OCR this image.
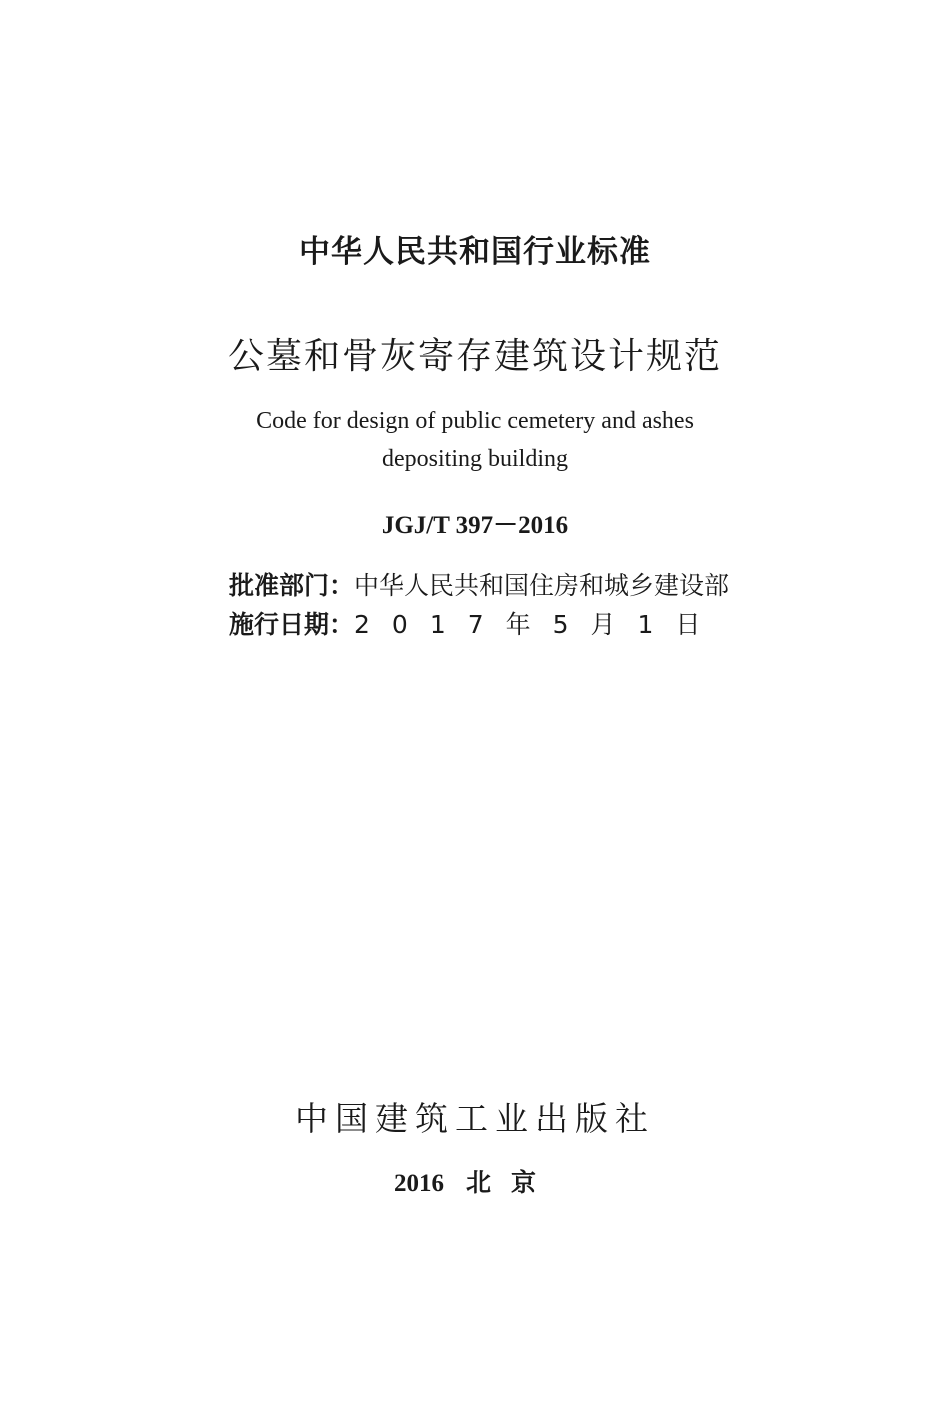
中华人民共和国行业标准
公墓和骨灰寄存建筑设计规范
Code for design of public cemetery and ashes
depositing building
JGJ/T 397－2016
批准部门：中华人民共和国住房和城乡建设部
施行日期：2017年5月1日
中国建筑工业出版社
2016 北京
